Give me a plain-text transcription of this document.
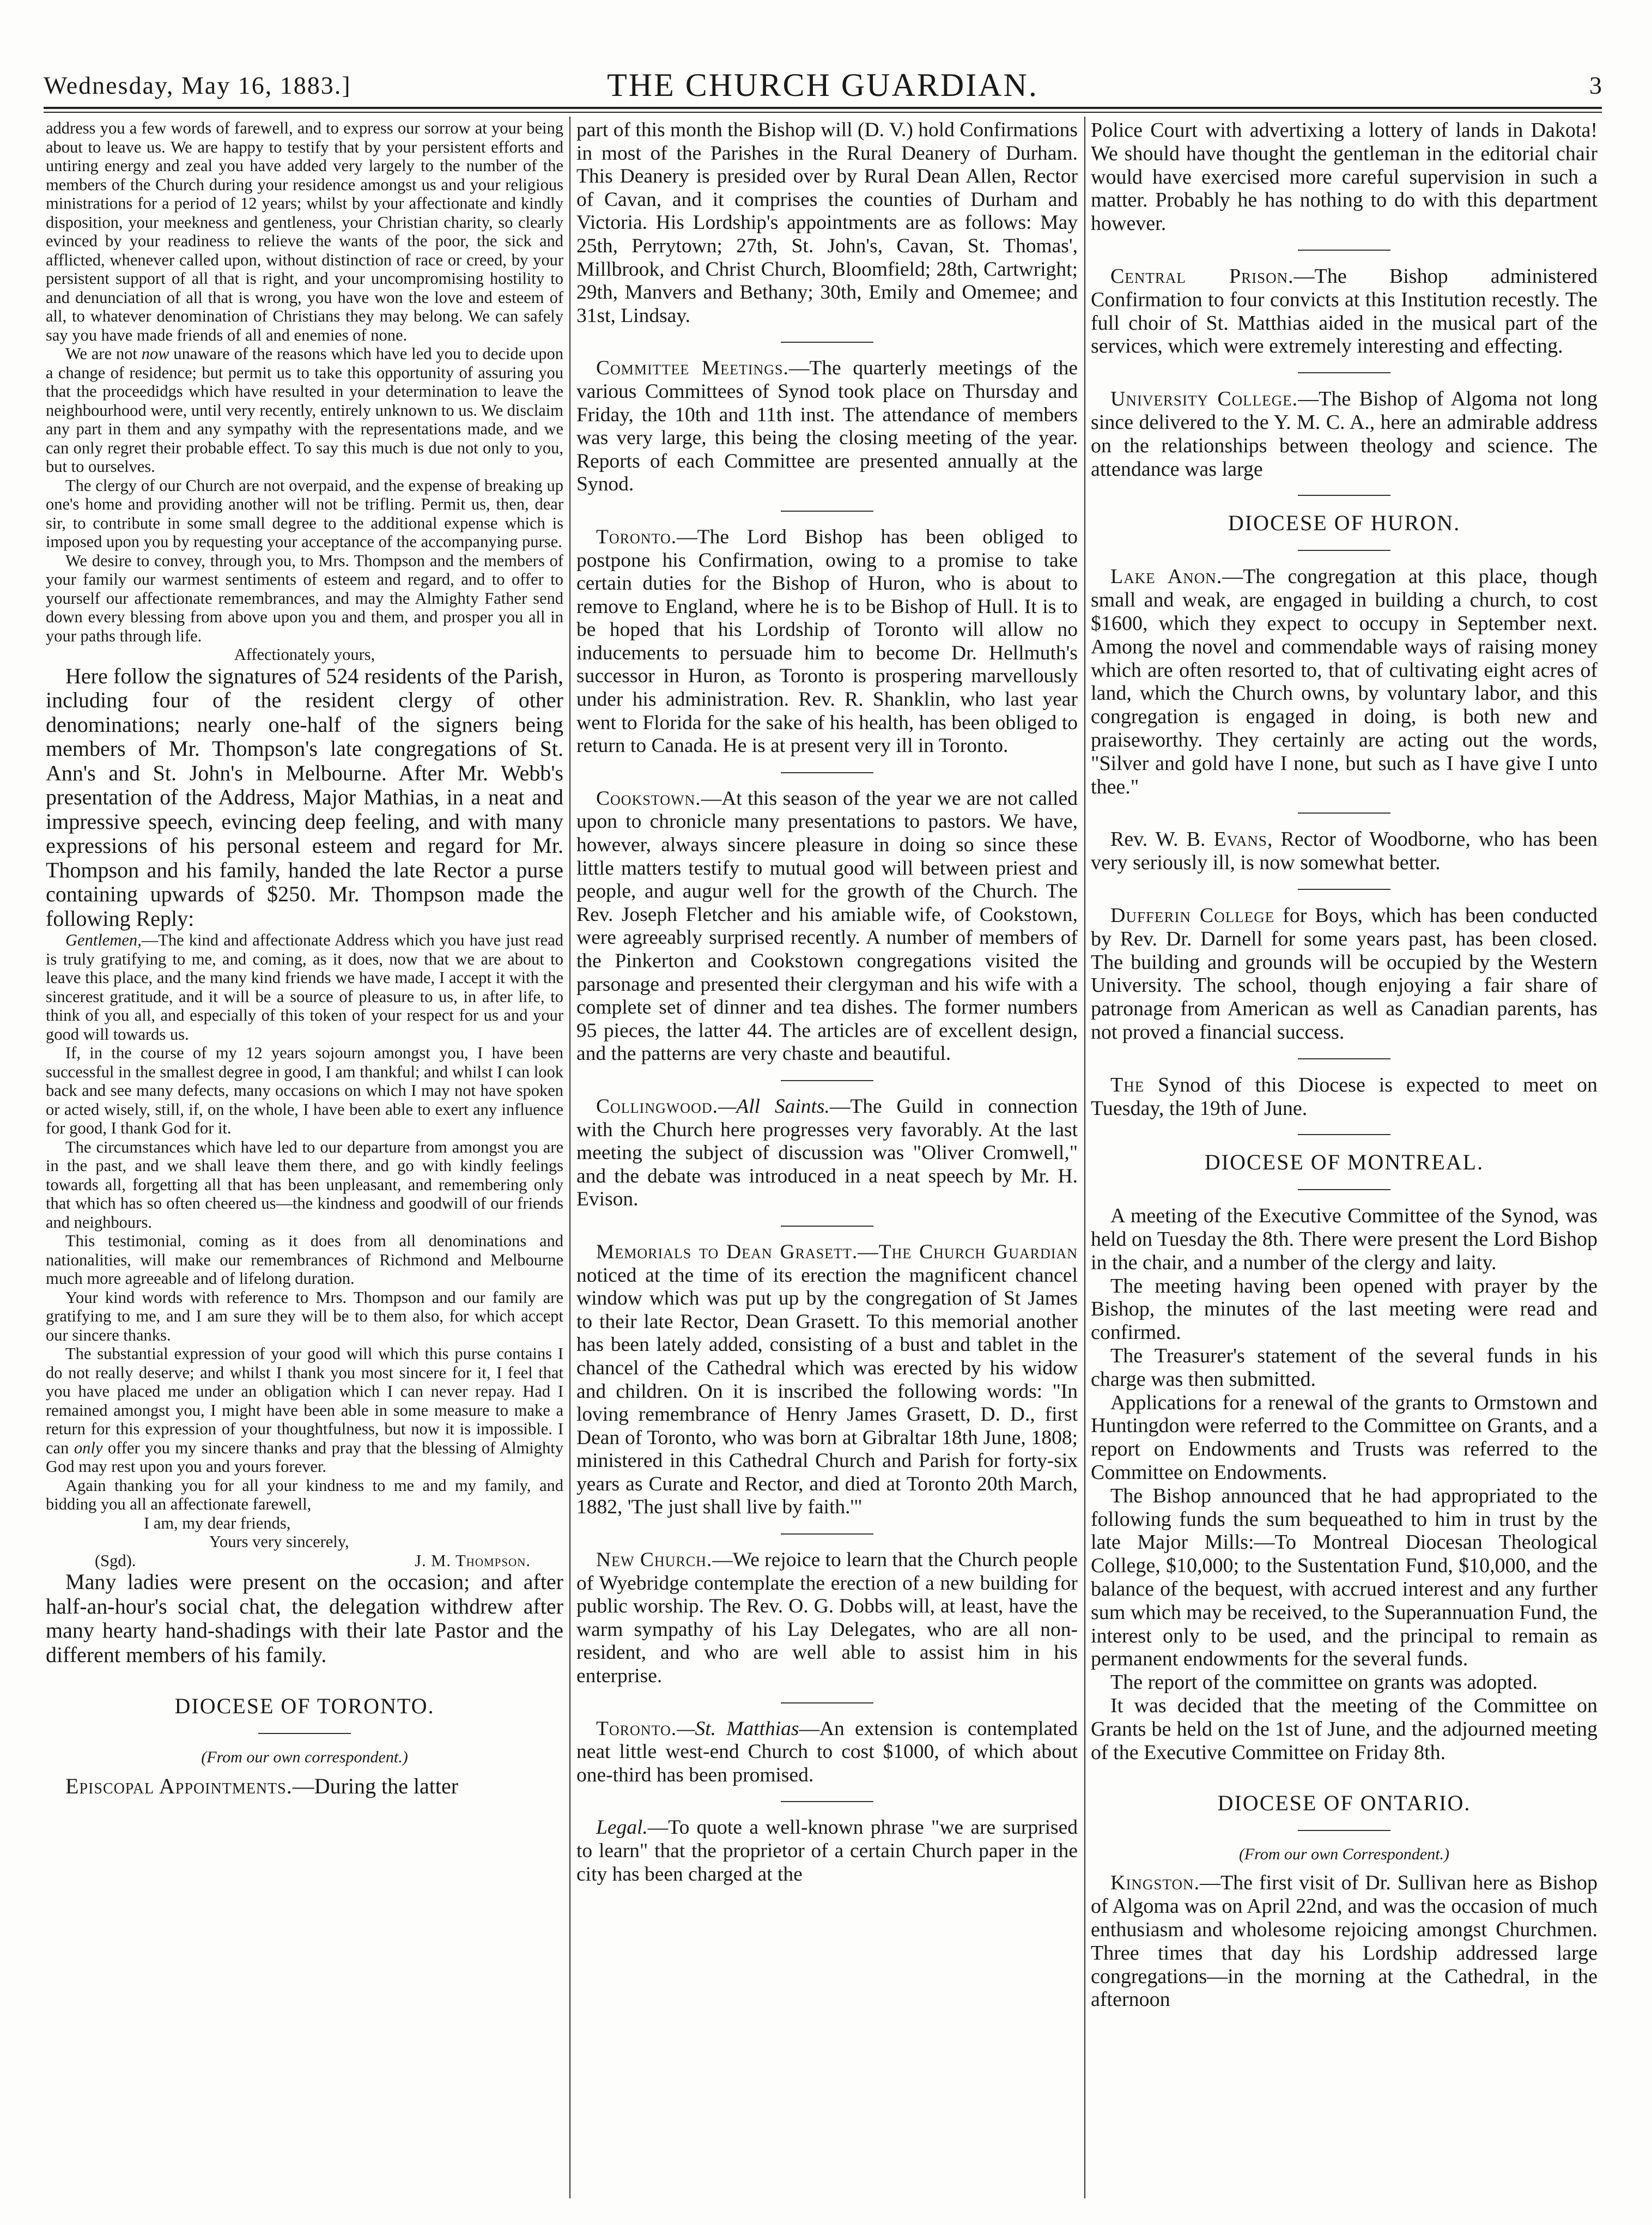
Wednesday, May 16, 1883.]	THE CHURCH GUARDIAN.	3

address you a few words of farewell, and to express our sorrow at your being about to leave us. We are happy to testify that by your persistent efforts and untiring energy and zeal you have added very largely to the number of the members of the Church during your residence amongst us and your religious ministrations for a period of 12 years; whilst by your affectionate and kindly disposition, your meekness and gentleness, your Christian charity, so clearly evinced by your readiness to relieve the wants of the poor, the sick and afflicted, whenever called upon, without distinction of race or creed, by your persistent support of all that is right, and your uncompromising hostility to and denunciation of all that is wrong, you have won the love and esteem of all, to whatever denomination of Christians they may belong. We can safely say you have made friends of all and enemies of none.

We are not now unaware of the reasons which have led you to decide upon a change of residence; but permit us to take this opportunity of assuring you that the proceedidgs which have resulted in your determination to leave the neighbourhood were, until very recently, entirely unknown to us. We disclaim any part in them and any sympathy with the representations made, and we can only regret their probable effect. To say this much is due not only to you, but to ourselves.

The clergy of our Church are not overpaid, and the expense of breaking up one's home and providing another will not be trifling. Permit us, then, dear sir, to contribute in some small degree to the additional expense which is imposed upon you by requesting your acceptance of the accompanying purse.

We desire to convey, through you, to Mrs. Thompson and the members of your family our warmest sentiments of esteem and regard, and to offer to yourself our affectionate remembrances, and may the Almighty Father send down every blessing from above upon you and them, and prosper you all in your paths through life.

Affectionately yours,

Here follow the signatures of 524 residents of the Parish, including four of the resident clergy of other denominations; nearly one-half of the signers being members of Mr. Thompson's late congregations of St. Ann's and St. John's in Melbourne. After Mr. Webb's presentation of the Address, Major Mathias, in a neat and impressive speech, evincing deep feeling, and with many expressions of his personal esteem and regard for Mr. Thompson and his family, handed the late Rector a purse containing upwards of $250. Mr. Thompson made the following Reply:

Gentlemen,—The kind and affectionate Address which you have just read is truly gratifying to me, and coming, as it does, now that we are about to leave this place, and the many kind friends we have made, I accept it with the sincerest gratitude, and it will be a source of pleasure to us, in after life, to think of you all, and especially of this token of your respect for us and your good will towards us.

If, in the course of my 12 years sojourn amongst you, I have been successful in the smallest degree in good, I am thankful; and whilst I can look back and see many defects, many occasions on which I may not have spoken or acted wisely, still, if, on the whole, I have been able to exert any influence for good, I thank God for it.

The circumstances which have led to our departure from amongst you are in the past, and we shall leave them there, and go with kindly feelings towards all, forgetting all that has been unpleasant, and remembering only that which has so often cheered us—the kindness and goodwill of our friends and neighbours.

This testimonial, coming as it does from all denominations and nationalities, will make our remembrances of Richmond and Melbourne much more agreeable and of lifelong duration.

Your kind words with reference to Mrs. Thompson and our family are gratifying to me, and I am sure they will be to them also, for which accept our sincere thanks.

The substantial expression of your good will which this purse contains I do not really deserve; and whilst I thank you most sincere for it, I feel that you have placed me under an obligation which I can never repay. Had I remained amongst you, I might have been able in some measure to make a return for this expression of your thoughtfulness, but now it is impossible. I can only offer you my sincere thanks and pray that the blessing of Almighty God may rest upon you and yours forever.

Again thanking you for all your kindness to me and my family, and bidding you all an affectionate farewell,

I am, my dear friends,

Yours very sincerely,

(Sgd).	J. M. Thompson.

Many ladies were present on the occasion; and after half-an-hour's social chat, the delegation withdrew after many hearty hand-shadings with their late Pastor and the different members of his family.

DIOCESE OF TORONTO.
(From our own correspondent.)

Episcopal Appointments.—During the latter

part of this month the Bishop will (D. V.) hold Confirmations in most of the Parishes in the Rural Deanery of Durham. This Deanery is presided over by Rural Dean Allen, Rector of Cavan, and it comprises the counties of Durham and Victoria. His Lordship's appointments are as follows: May 25th, Perrytown; 27th, St. John's, Cavan, St. Thomas', Millbrook, and Christ Church, Bloomfield; 28th, Cartwright; 29th, Manvers and Bethany; 30th, Emily and Omemee; and 31st, Lindsay.

Committee Meetings.—The quarterly meetings of the various Committees of Synod took place on Thursday and Friday, the 10th and 11th inst. The attendance of members was very large, this being the closing meeting of the year. Reports of each Committee are presented annually at the Synod.

Toronto.—The Lord Bishop has been obliged to postpone his Confirmation, owing to a promise to take certain duties for the Bishop of Huron, who is about to remove to England, where he is to be Bishop of Hull. It is to be hoped that his Lordship of Toronto will allow no inducements to persuade him to become Dr. Hellmuth's successor in Huron, as Toronto is prospering marvellously under his administration. Rev. R. Shanklin, who last year went to Florida for the sake of his health, has been obliged to return to Canada. He is at present very ill in Toronto.

Cookstown.—At this season of the year we are not called upon to chronicle many presentations to pastors. We have, however, always sincere pleasure in doing so since these little matters testify to mutual good will between priest and people, and augur well for the growth of the Church. The Rev. Joseph Fletcher and his amiable wife, of Cookstown, were agreeably surprised recently. A number of members of the Pinkerton and Cookstown congregations visited the parsonage and presented their clergyman and his wife with a complete set of dinner and tea dishes. The former numbers 95 pieces, the latter 44. The articles are of excellent design, and the patterns are very chaste and beautiful.

Collingwood.—All Saints.—The Guild in connection with the Church here progresses very favorably. At the last meeting the subject of discussion was "Oliver Cromwell," and the debate was introduced in a neat speech by Mr. H. Evison.

Memorials to Dean Grasett.—The Church Guardian noticed at the time of its erection the magnificent chancel window which was put up by the congregation of St James to their late Rector, Dean Grasett. To this memorial another has been lately added, consisting of a bust and tablet in the chancel of the Cathedral which was erected by his widow and children. On it is inscribed the following words: "In loving remembrance of Henry James Grasett, D. D., first Dean of Toronto, who was born at Gibraltar 18th June, 1808; ministered in this Cathedral Church and Parish for forty-six years as Curate and Rector, and died at Toronto 20th March, 1882, 'The just shall live by faith.'"

New Church.—We rejoice to learn that the Church people of Wyebridge contemplate the erection of a new building for public worship. The Rev. O. G. Dobbs will, at least, have the warm sympathy of his Lay Delegates, who are all non-resident, and who are well able to assist him in his enterprise.

Toronto.—St. Matthias—An extension is contemplated neat little west-end Church to cost $1000, of which about one-third has been promised.

Legal.—To quote a well-known phrase "we are surprised to learn" that the proprietor of a certain Church paper in the city has been charged at the

Police Court with advertixing a lottery of lands in Dakota! We should have thought the gentleman in the editorial chair would have exercised more careful supervision in such a matter. Probably he has nothing to do with this department however.

Central Prison.—The Bishop administered Confirmation to four convicts at this Institution recestly. The full choir of St. Matthias aided in the musical part of the services, which were extremely interesting and effecting.

University College.—The Bishop of Algoma not long since delivered to the Y. M. C. A., here an admirable address on the relationships between theology and science. The attendance was large

DIOCESE OF HURON.

Lake Anon.—The congregation at this place, though small and weak, are engaged in building a church, to cost $1600, which they expect to occupy in September next. Among the novel and commendable ways of raising money which are often resorted to, that of cultivating eight acres of land, which the Church owns, by voluntary labor, and this congregation is engaged in doing, is both new and praiseworthy. They certainly are acting out the words, "Silver and gold have I none, but such as I have give I unto thee."

Rev. W. B. Evans, Rector of Woodborne, who has been very seriously ill, is now somewhat better.

Dufferin College for Boys, which has been conducted by Rev. Dr. Darnell for some years past, has been closed. The building and grounds will be occupied by the Western University. The school, though enjoying a fair share of patronage from American as well as Canadian parents, has not proved a financial success.

The Synod of this Diocese is expected to meet on Tuesday, the 19th of June.

DIOCESE OF MONTREAL.

A meeting of the Executive Committee of the Synod, was held on Tuesday the 8th. There were present the Lord Bishop in the chair, and a number of the clergy and laity.

The meeting having been opened with prayer by the Bishop, the minutes of the last meeting were read and confirmed.

The Treasurer's statement of the several funds in his charge was then submitted.

Applications for a renewal of the grants to Ormstown and Huntingdon were referred to the Committee on Grants, and a report on Endowments and Trusts was referred to the Committee on Endowments.

The Bishop announced that he had appropriated to the following funds the sum bequeathed to him in trust by the late Major Mills:—To Montreal Diocesan Theological College, $10,000; to the Sustentation Fund, $10,000, and the balance of the bequest, with accrued interest and any further sum which may be received, to the Superannuation Fund, the interest only to be used, and the principal to remain as permanent endowments for the several funds.

The report of the committee on grants was adopted.

It was decided that the meeting of the Committee on Grants be held on the 1st of June, and the adjourned meeting of the Executive Committee on Friday 8th.

DIOCESE OF ONTARIO.
(From our own Correspondent.)

Kingston.—The first visit of Dr. Sullivan here as Bishop of Algoma was on April 22nd, and was the occasion of much enthusiasm and wholesome rejoicing amongst Churchmen. Three times that day his Lordship addressed large congregations—in the morning at the Cathedral, in the afternoon
